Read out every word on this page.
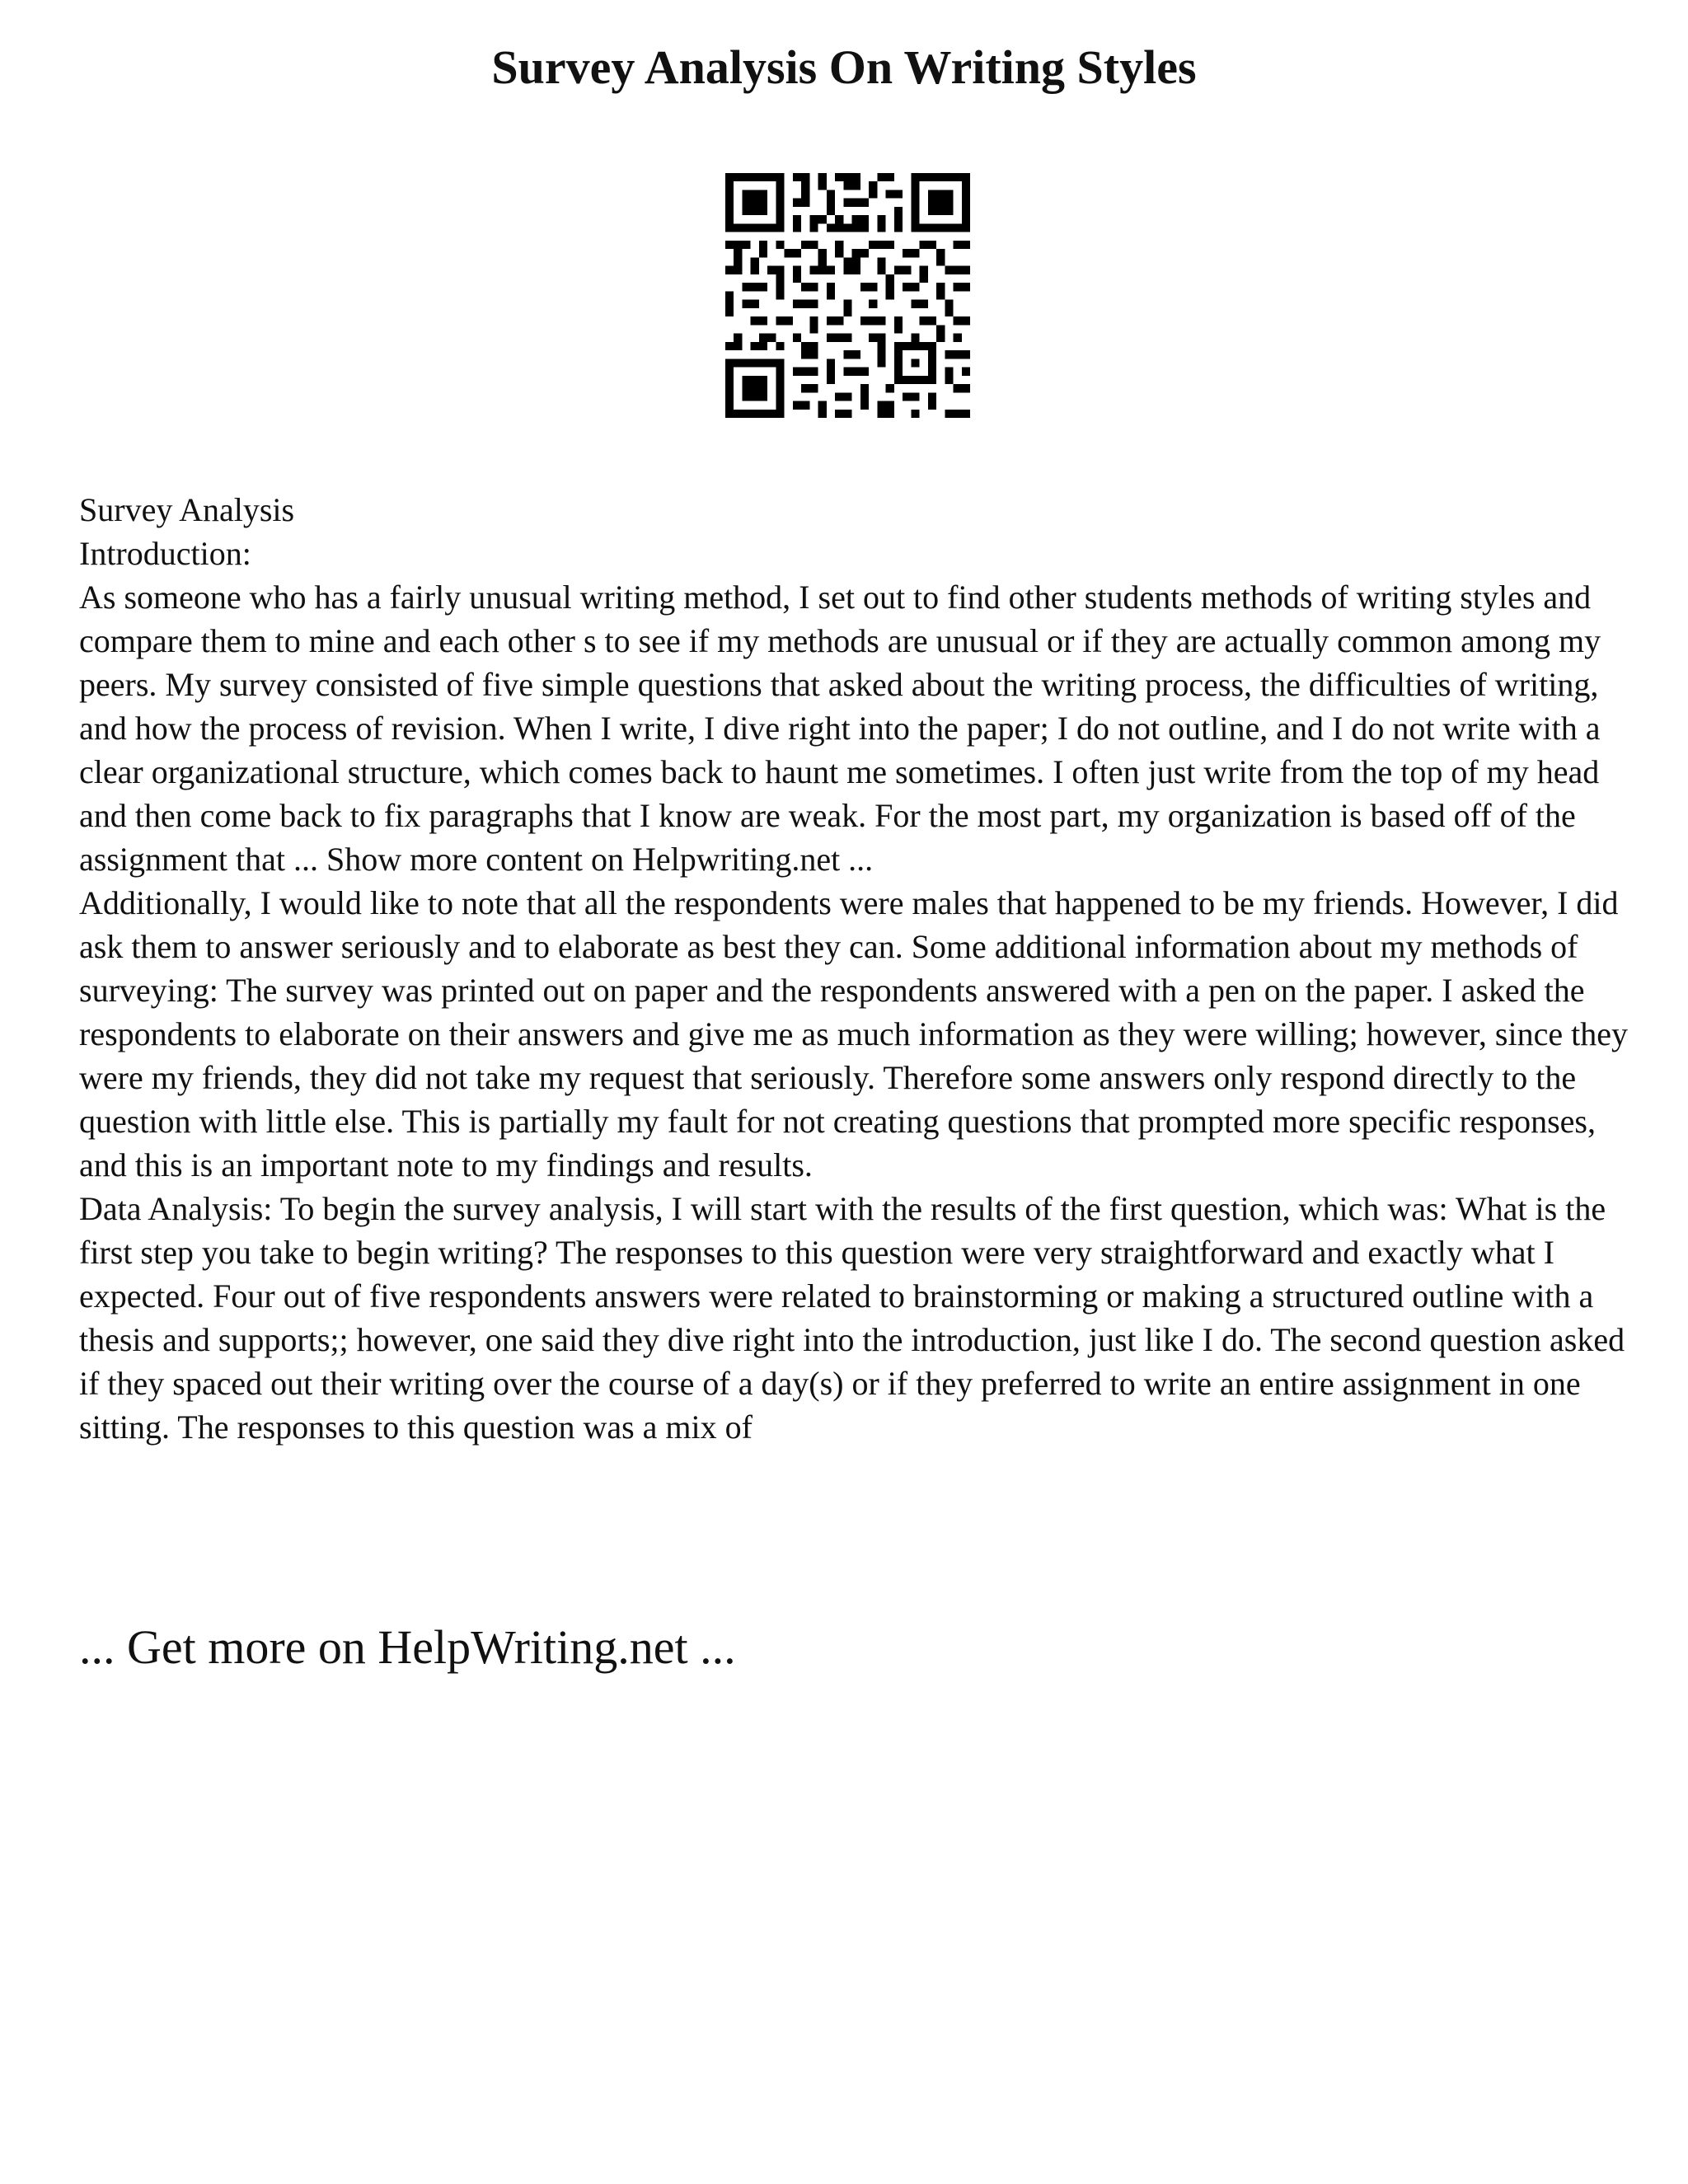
Survey Analysis On Writing Styles
Survey Analysis
Introduction:

As someone who has a fairly unusual writing method, I set out to find other students methods of writing styles and compare them to mine and each other s to see if my methods are unusual or if they are actually common among my peers. My survey consisted of five simple questions that asked about the writing process, the difficulties of writing, and how the process of revision. When I write, I dive right into the paper; I do not outline, and I do not write with a clear organizational structure, which comes back to haunt me sometimes. I often just write from the top of my head and then come back to fix paragraphs that I know are weak. For the most part, my organization is based off of the assignment that ... Show more content on Helpwriting.net ...

Additionally, I would like to note that all the respondents were males that happened to be my friends. However, I did ask them to answer seriously and to elaborate as best they can. Some additional information about my methods of surveying: The survey was printed out on paper and the respondents answered with a pen on the paper. I asked the respondents to elaborate on their answers and give me as much information as they were willing; however, since they were my friends, they did not take my request that seriously. Therefore some answers only respond directly to the question with little else. This is partially my fault for not creating questions that prompted more specific responses, and this is an important note to my findings and results.

Data Analysis: To begin the survey analysis, I will start with the results of the first question, which was: What is the first step you take to begin writing? The responses to this question were very straightforward and exactly what I expected. Four out of five respondents answers were related to brainstorming or making a structured outline with a thesis and supports;; however, one said they dive right into the introduction, just like I do. The second question asked if they spaced out their writing over the course of a day(s) or if they preferred to write an entire assignment in one sitting. The responses to this question was a mix of

... Get more on HelpWriting.net ...
